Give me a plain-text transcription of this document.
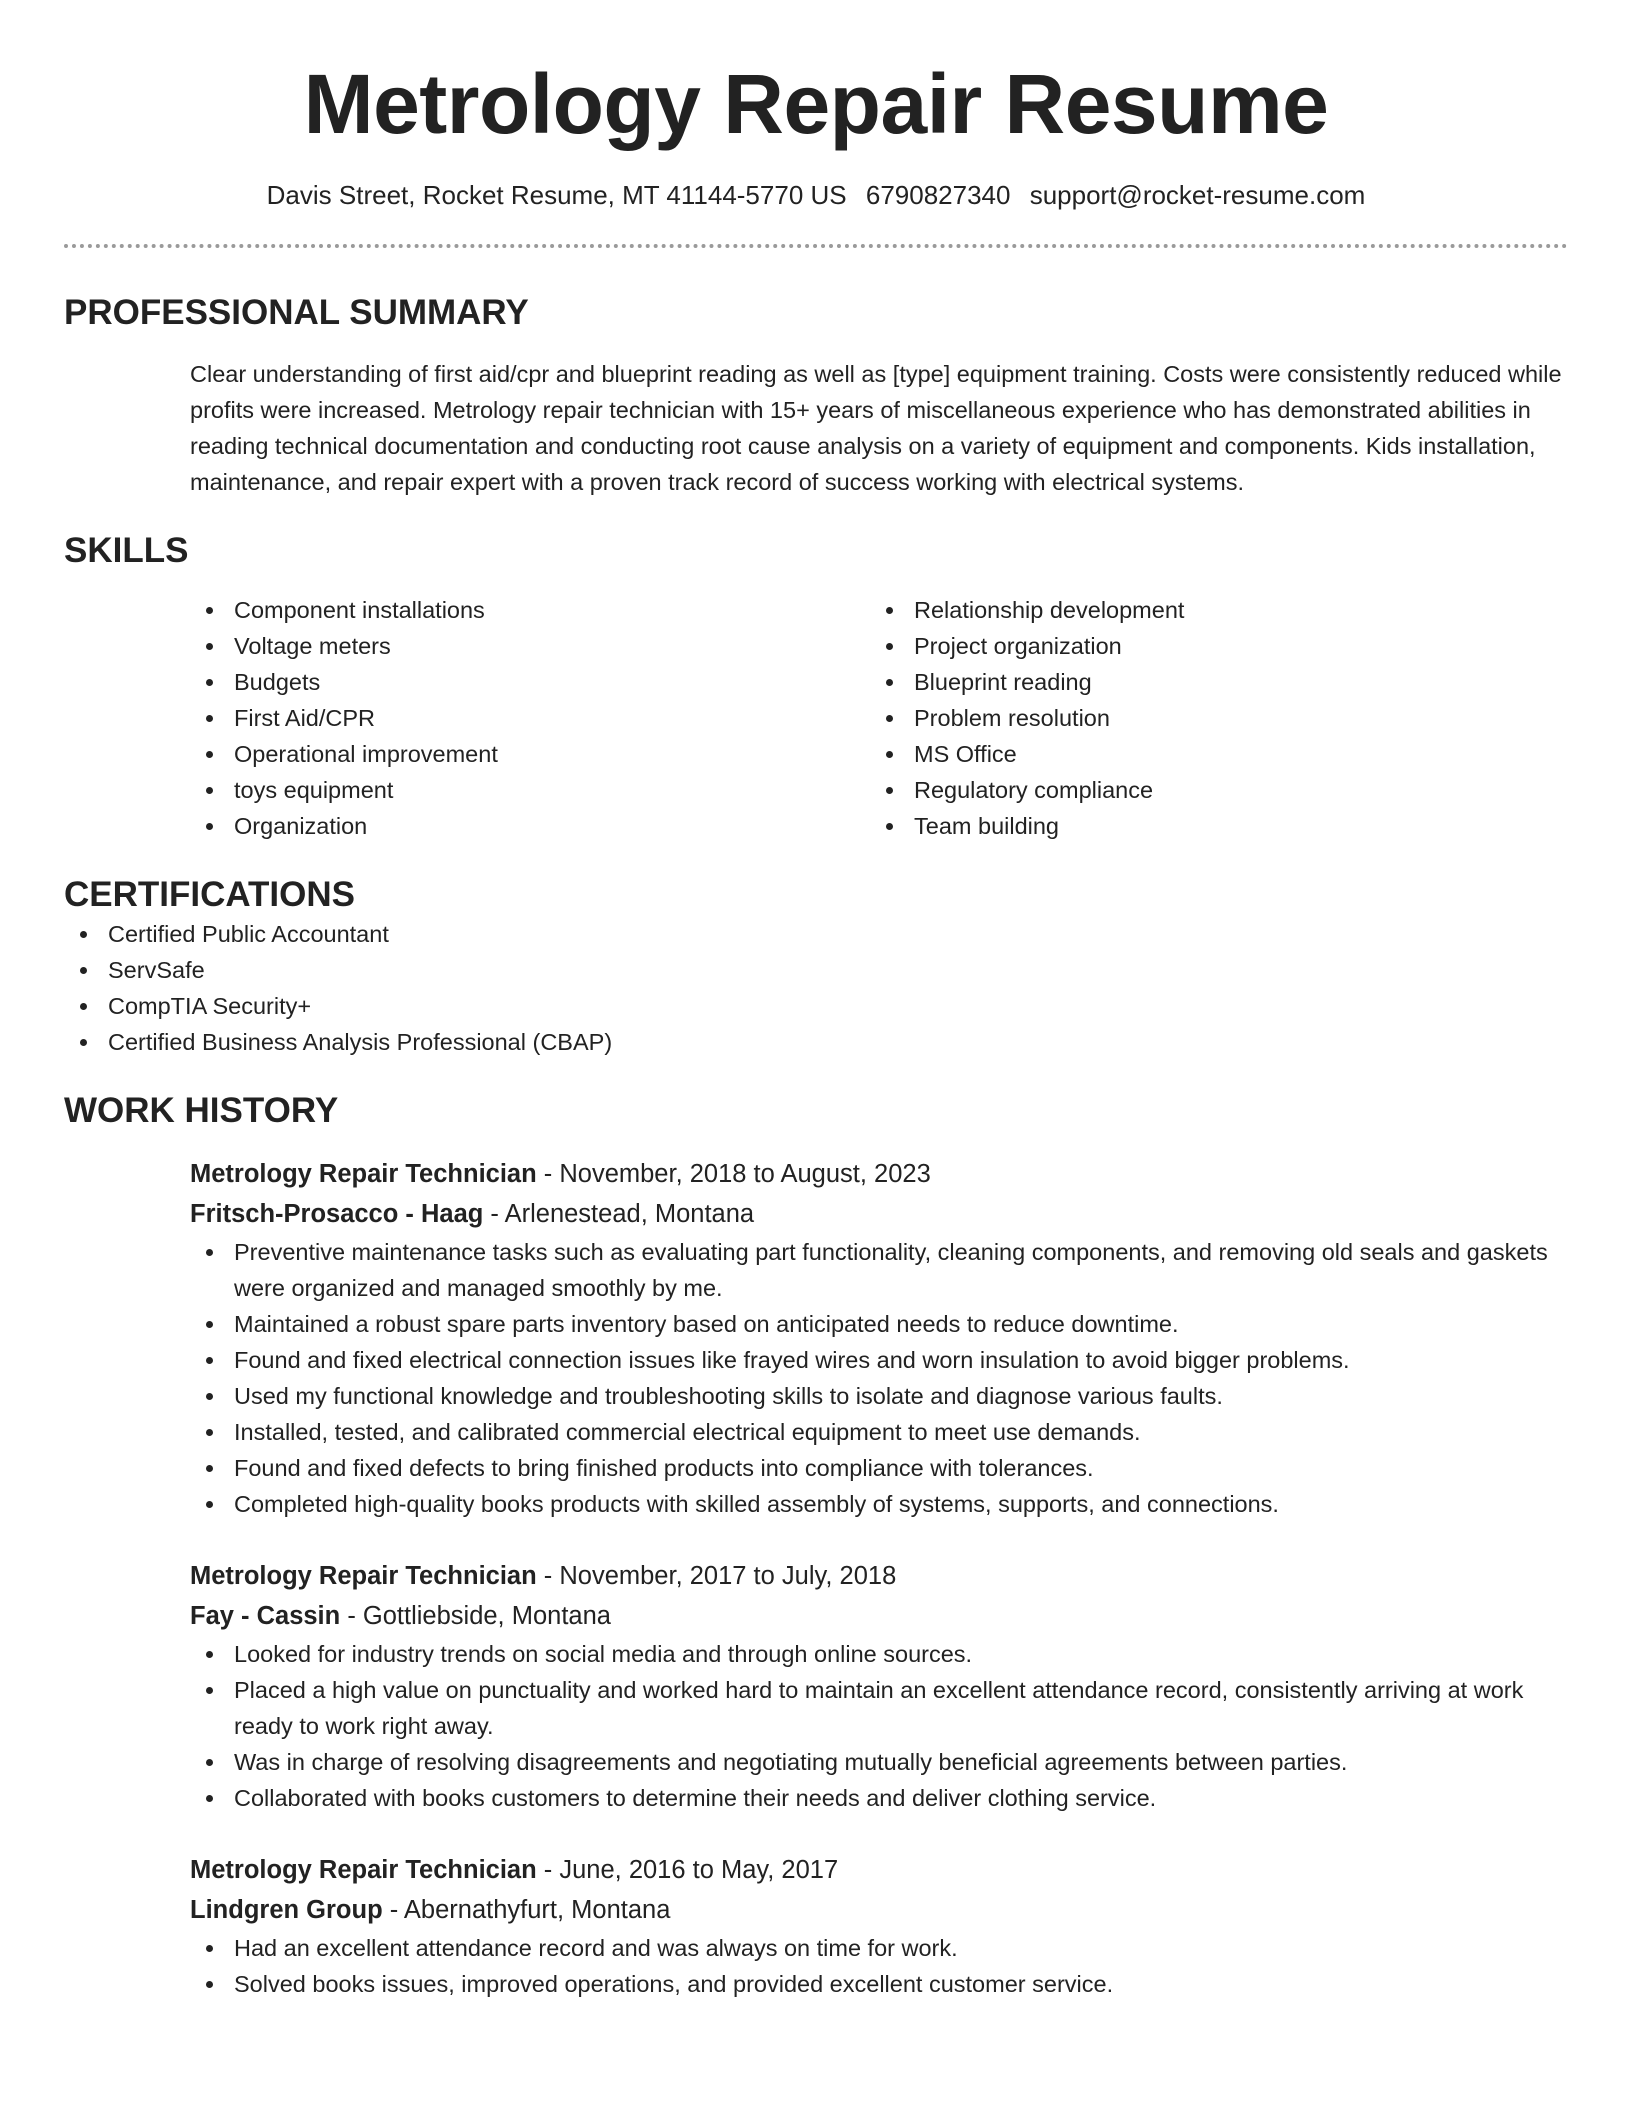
Metrology Repair Resume
Davis Street, Rocket Resume, MT 41144-5770 US 6790827340 support@rocket-resume.com
PROFESSIONAL SUMMARY
Clear understanding of first aid/cpr and blueprint reading as well as [type] equipment training. Costs were consistently reduced while profits were increased. Metrology repair technician with 15+ years of miscellaneous experience who has demonstrated abilities in reading technical documentation and conducting root cause analysis on a variety of equipment and components. Kids installation, maintenance, and repair expert with a proven track record of success working with electrical systems.
SKILLS
Component installations
Voltage meters
Budgets
First Aid/CPR
Operational improvement
toys equipment
Organization
Relationship development
Project organization
Blueprint reading
Problem resolution
MS Office
Regulatory compliance
Team building
CERTIFICATIONS
Certified Public Accountant
ServSafe
CompTIA Security+
Certified Business Analysis Professional (CBAP)
WORK HISTORY
Metrology Repair Technician - November, 2018 to August, 2023
Fritsch-Prosacco - Haag - Arlenestead, Montana
Preventive maintenance tasks such as evaluating part functionality, cleaning components, and removing old seals and gaskets were organized and managed smoothly by me.
Maintained a robust spare parts inventory based on anticipated needs to reduce downtime.
Found and fixed electrical connection issues like frayed wires and worn insulation to avoid bigger problems.
Used my functional knowledge and troubleshooting skills to isolate and diagnose various faults.
Installed, tested, and calibrated commercial electrical equipment to meet use demands.
Found and fixed defects to bring finished products into compliance with tolerances.
Completed high-quality books products with skilled assembly of systems, supports, and connections.
Metrology Repair Technician - November, 2017 to July, 2018
Fay - Cassin - Gottliebside, Montana
Looked for industry trends on social media and through online sources.
Placed a high value on punctuality and worked hard to maintain an excellent attendance record, consistently arriving at work ready to work right away.
Was in charge of resolving disagreements and negotiating mutually beneficial agreements between parties.
Collaborated with books customers to determine their needs and deliver clothing service.
Metrology Repair Technician - June, 2016 to May, 2017
Lindgren Group - Abernathyfurt, Montana
Had an excellent attendance record and was always on time for work.
Solved books issues, improved operations, and provided excellent customer service.
